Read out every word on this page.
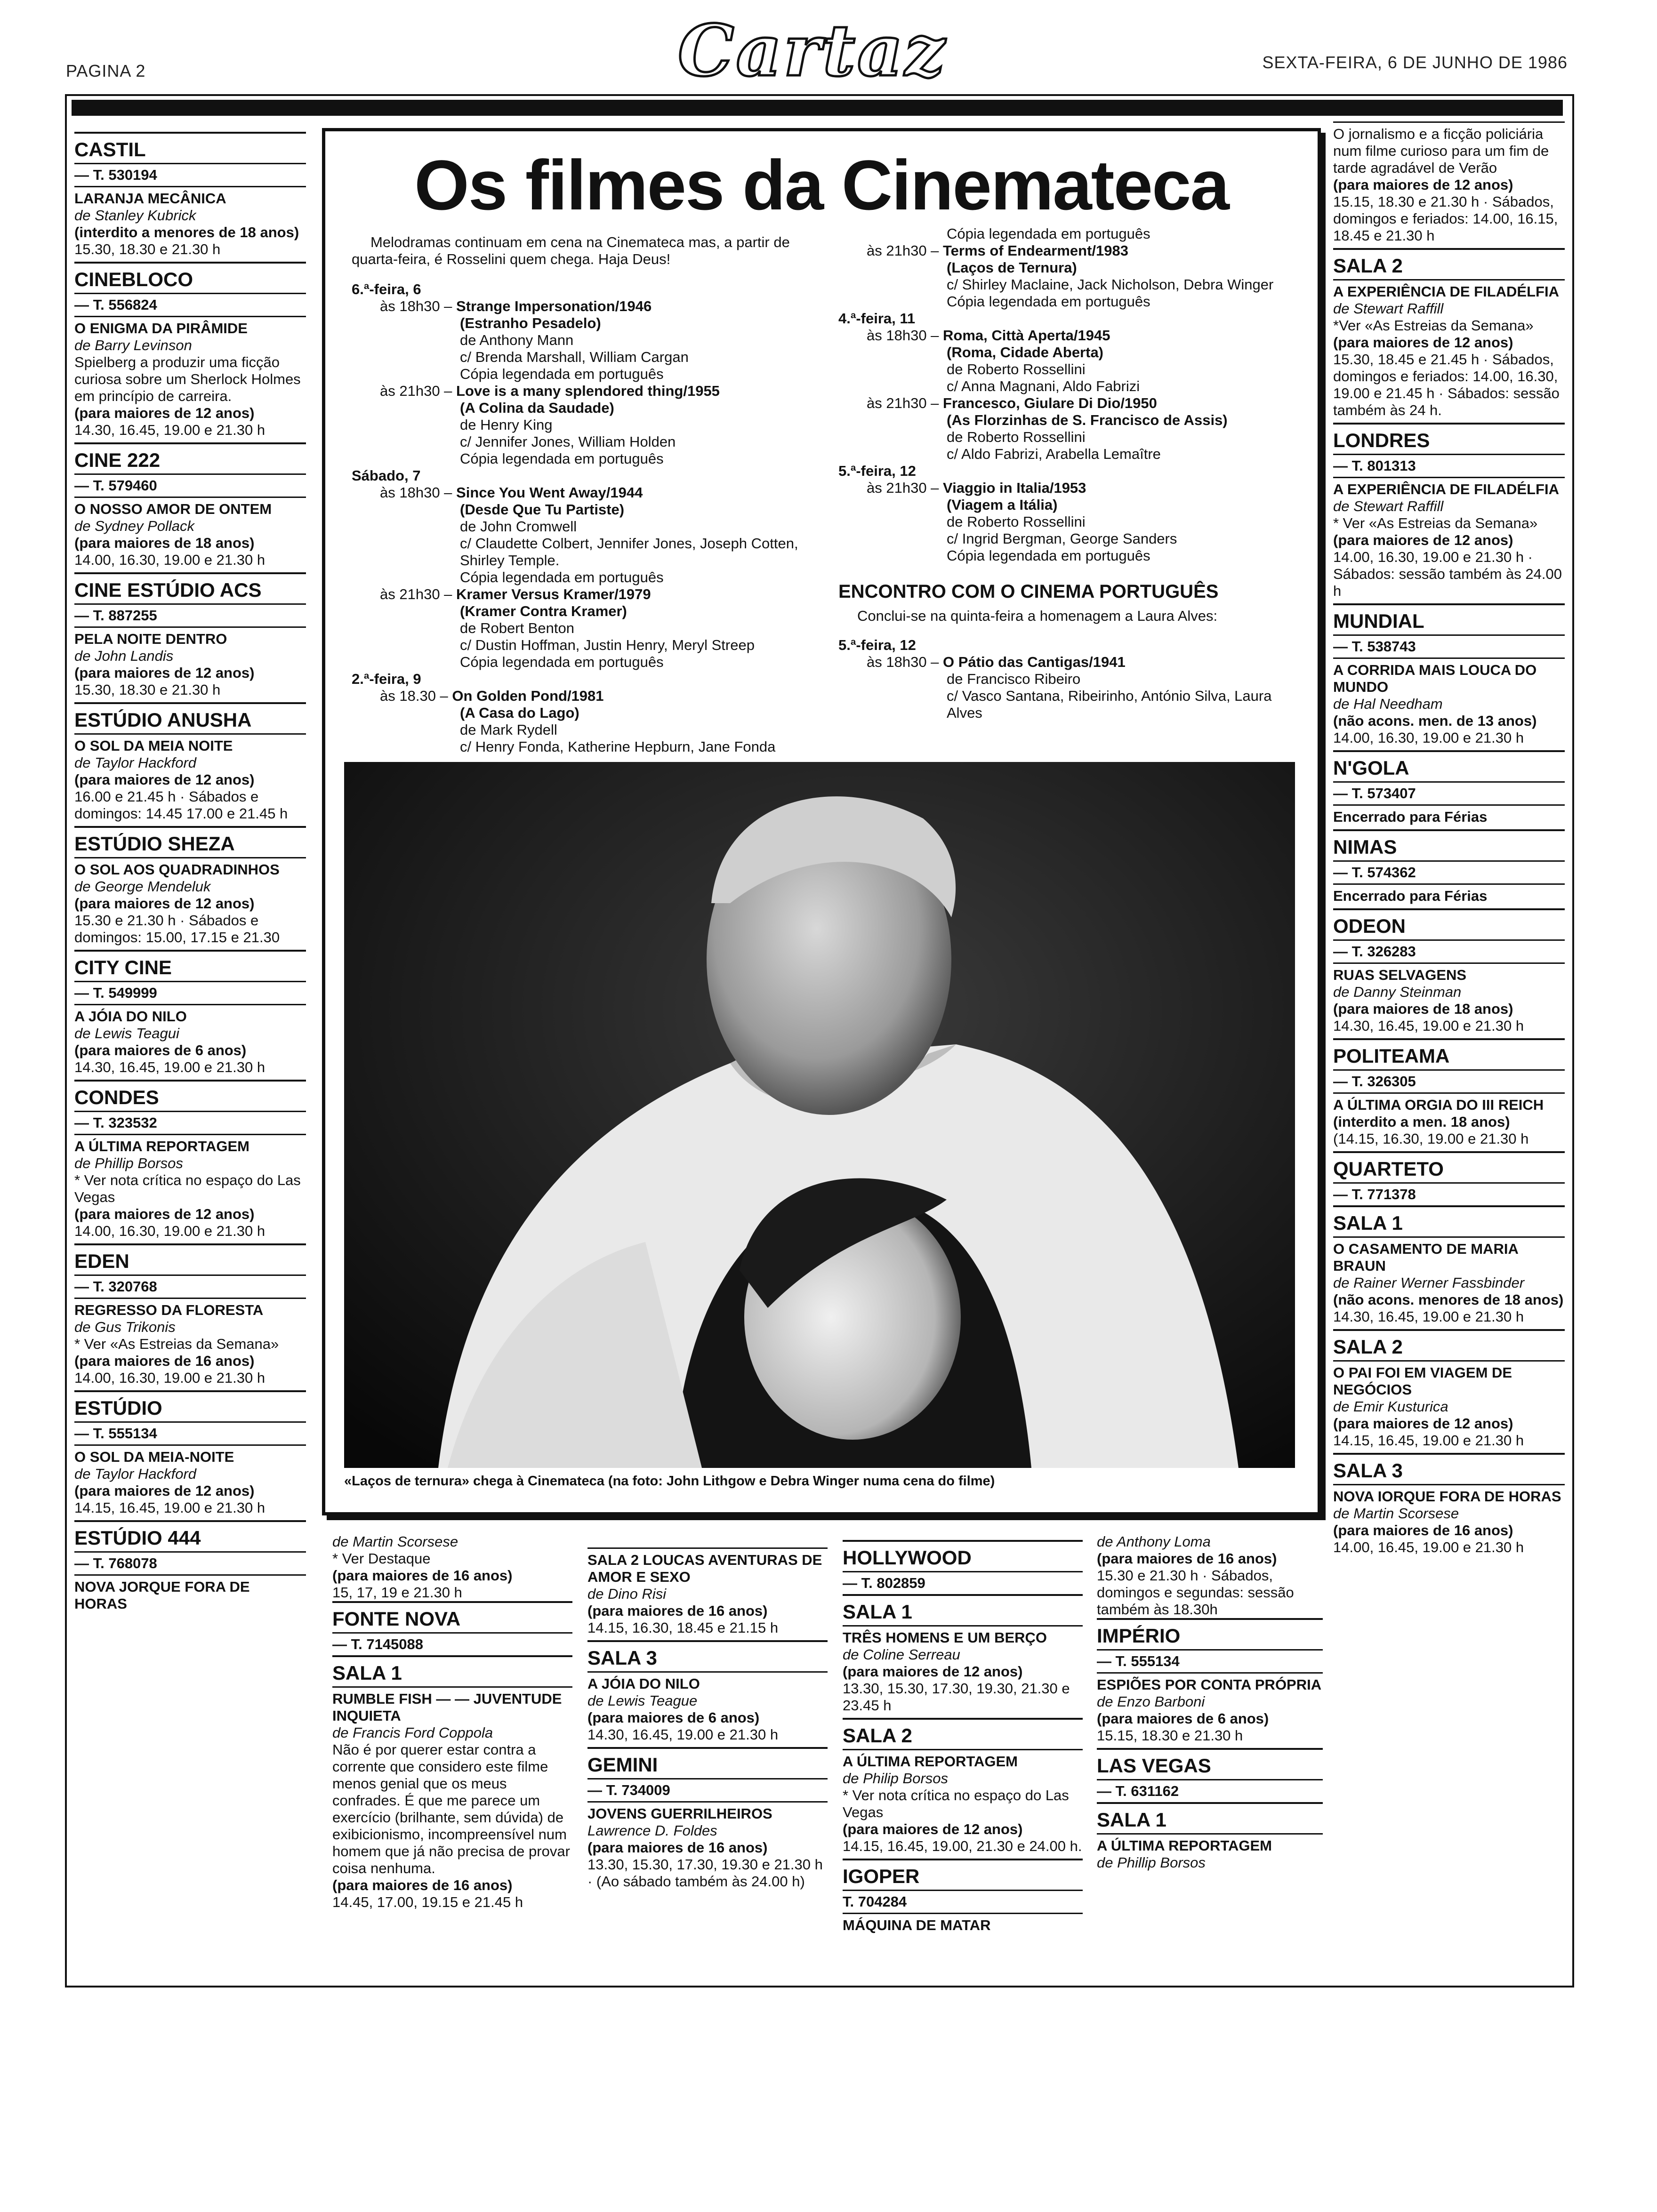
PAGINA 2	Cartaz	SEXTA-FEIRA, 6 DE JUNHO DE 1986
CASTIL
— T. 530194
LARANJA MECÂNICA
de Stanley Kubrick
(interdito a menores de 18 anos)
15.30, 18.30 e 21.30 h
CINEBLOCO
— T. 556824
O ENIGMA DA PIRÂMIDE
de Barry Levinson
Spielberg a produzir uma ficção curiosa sobre um Sherlock Holmes em princípio de carreira.
(para maiores de 12 anos)
14.30, 16.45, 19.00 e 21.30 h
CINE 222
— T. 579460
O NOSSO AMOR DE ONTEM
de Sydney Pollack
(para maiores de 18 anos)
14.00, 16.30, 19.00 e 21.30 h
CINE ESTÚDIO ACS
— T. 887255
PELA NOITE DENTRO
de John Landis
(para maiores de 12 anos)
15.30, 18.30 e 21.30 h
ESTÚDIO ANUSHA
O SOL DA MEIA NOITE
de Taylor Hackford
(para maiores de 12 anos)
16.00 e 21.45 h · Sábados e domingos: 14.45 17.00 e 21.45 h
ESTÚDIO SHEZA
O SOL AOS QUADRADINHOS
de George Mendeluk
(para maiores de 12 anos)
15.30 e 21.30 h · Sábados e domingos: 15.00, 17.15 e 21.30
CITY CINE
— T. 549999
A JÓIA DO NILO
de Lewis Teagui
(para maiores de 6 anos)
14.30, 16.45, 19.00 e 21.30 h
CONDES
— T. 323532
A ÚLTIMA REPORTAGEM
de Phillip Borsos
* Ver nota crítica no espaço do Las Vegas
(para maiores de 12 anos)
14.00, 16.30, 19.00 e 21.30 h
EDEN
— T. 320768
REGRESSO DA FLORESTA
de Gus Trikonis
* Ver «As Estreias da Semana»
(para maiores de 16 anos)
14.00, 16.30, 19.00 e 21.30 h
ESTÚDIO
— T. 555134
O SOL DA MEIA-NOITE
de Taylor Hackford
(para maiores de 12 anos)
14.15, 16.45, 19.00 e 21.30 h
ESTÚDIO 444
— T. 768078
NOVA JORQUE FORA DE HORAS
O jornalismo e a ficção policiária num filme curioso para um fim de tarde agradável de Verão
(para maiores de 12 anos)
15.15, 18.30 e 21.30 h · Sábados, domingos e feriados: 14.00, 16.15, 18.45 e 21.30 h
SALA 2
A EXPERIÊNCIA DE FILADÉLFIA
de Stewart Raffill
*Ver «As Estreias da Semana»
(para maiores de 12 anos)
15.30, 18.45 e 21.45 h · Sábados, domingos e feriados: 14.00, 16.30, 19.00 e 21.45 h · Sábados: sessão também às 24 h.
LONDRES
— T. 801313
A EXPERIÊNCIA DE FILADÉLFIA
de Stewart Raffill
* Ver «As Estreias da Semana»
(para maiores de 12 anos)
14.00, 16.30, 19.00 e 21.30 h · Sábados: sessão também às 24.00 h
MUNDIAL
— T. 538743
A CORRIDA MAIS LOUCA DO MUNDO
de Hal Needham
(não acons. men. de 13 anos)
14.00, 16.30, 19.00 e 21.30 h
N'GOLA
— T. 573407
Encerrado para Férias
NIMAS
— T. 574362
Encerrado para Férias
ODEON
— T. 326283
RUAS SELVAGENS
de Danny Steinman
(para maiores de 18 anos)
14.30, 16.45, 19.00 e 21.30 h
POLITEAMA
— T. 326305
A ÚLTIMA ORGIA DO III REICH
(interdito a men. 18 anos)
(14.15, 16.30, 19.00 e 21.30 h
QUARTETO
— T. 771378
SALA 1
O CASAMENTO DE MARIA BRAUN
de Rainer Werner Fassbinder
(não acons. menores de 18 anos)
14.30, 16.45, 19.00 e 21.30 h
SALA 2
O PAI FOI EM VIAGEM DE NEGÓCIOS
de Emir Kusturica
(para maiores de 12 anos)
14.15, 16.45, 19.00 e 21.30 h
SALA 3
NOVA IORQUE FORA DE HORAS
de Martin Scorsese
(para maiores de 16 anos)
14.00, 16.45, 19.00 e 21.30 h
Os filmes da Cinemateca
Melodramas continuam em cena na Cinemateca mas, a partir de quarta-feira, é Rosselini quem chega. Haja Deus!
6.ª-feira, 6
às 18h30 – Strange Impersonation/1946
(Estranho Pesadelo)
de Anthony Mann
c/ Brenda Marshall, William Cargan
Cópia legendada em português
às 21h30 – Love is a many splendored thing/1955
(A Colina da Saudade)
de Henry King
c/ Jennifer Jones, William Holden
Cópia legendada em português
Sábado, 7
às 18h30 – Since You Went Away/1944
(Desde Que Tu Partiste)
de John Cromwell
c/ Claudette Colbert, Jennifer Jones, Joseph Cotten, Shirley Temple.
Cópia legendada em português
às 21h30 – Kramer Versus Kramer/1979
(Kramer Contra Kramer)
de Robert Benton
c/ Dustin Hoffman, Justin Henry, Meryl Streep
Cópia legendada em português
2.ª-feira, 9
às 18.30 – On Golden Pond/1981
(A Casa do Lago)
de Mark Rydell
c/ Henry Fonda, Katherine Hepburn, Jane Fonda
Cópia legendada em português
às 21h30 – Terms of Endearment/1983
(Laços de Ternura)
c/ Shirley Maclaine, Jack Nicholson, Debra Winger
Cópia legendada em português
4.ª-feira, 11
às 18h30 – Roma, Città Aperta/1945
(Roma, Cidade Aberta)
de Roberto Rossellini
c/ Anna Magnani, Aldo Fabrizi
às 21h30 – Francesco, Giulare Di Dio/1950
(As Florzinhas de S. Francisco de Assis)
de Roberto Rossellini
c/ Aldo Fabrizi, Arabella Lemaître
5.ª-feira, 12
às 21h30 – Viaggio in Italia/1953
(Viagem a Itália)
de Roberto Rossellini
c/ Ingrid Bergman, George Sanders
Cópia legendada em português
ENCONTRO COM O CINEMA PORTUGUÊS
Conclui-se na quinta-feira a homenagem a Laura Alves:
5.ª-feira, 12
às 18h30 – O Pátio das Cantigas/1941
de Francisco Ribeiro
c/ Vasco Santana, Ribeirinho, António Silva, Laura Alves
«Laços de ternura» chega à Cinemateca (na foto: John Lithgow e Debra Winger numa cena do filme)
de Martin Scorsese
* Ver Destaque
(para maiores de 16 anos)
15, 17, 19 e 21.30 h
FONTE NOVA
— T. 7145088
SALA 1
RUMBLE FISH — — JUVENTUDE INQUIETA
de Francis Ford Coppola
Não é por querer estar contra a corrente que considero este filme menos genial que os meus confrades. É que me parece um exercício (brilhante, sem dúvida) de exibicionismo, incompreensível num homem que já não precisa de provar coisa nenhuma.
(para maiores de 16 anos)
14.45, 17.00, 19.15 e 21.45 h
SALA 2 LOUCAS AVENTURAS DE AMOR E SEXO
de Dino Risi
(para maiores de 16 anos)
14.15, 16.30, 18.45 e 21.15 h
SALA 3
A JÓIA DO NILO
de Lewis Teague
(para maiores de 6 anos)
14.30, 16.45, 19.00 e 21.30 h
GEMINI
— T. 734009
JOVENS GUERRILHEIROS
Lawrence D. Foldes
(para maiores de 16 anos)
13.30, 15.30, 17.30, 19.30 e 21.30 h · (Ao sábado também às 24.00 h)
HOLLYWOOD
— T. 802859
SALA 1
TRÊS HOMENS E UM BERÇO
de Coline Serreau
(para maiores de 12 anos)
13.30, 15.30, 17.30, 19.30, 21.30 e 23.45 h
SALA 2
A ÚLTIMA REPORTAGEM
de Philip Borsos
* Ver nota crítica no espaço do Las Vegas
(para maiores de 12 anos)
14.15, 16.45, 19.00, 21.30 e 24.00 h.
IGOPER
T. 704284
MÁQUINA DE MATAR
de Anthony Loma
(para maiores de 16 anos)
15.30 e 21.30 h · Sábados, domingos e segundas: sessão também às 18.30h
IMPÉRIO
— T. 555134
ESPIÕES POR CONTA PRÓPRIA
de Enzo Barboni
(para maiores de 6 anos)
15.15, 18.30 e 21.30 h
LAS VEGAS
— T. 631162
SALA 1
A ÚLTIMA REPORTAGEM
de Phillip Borsos
